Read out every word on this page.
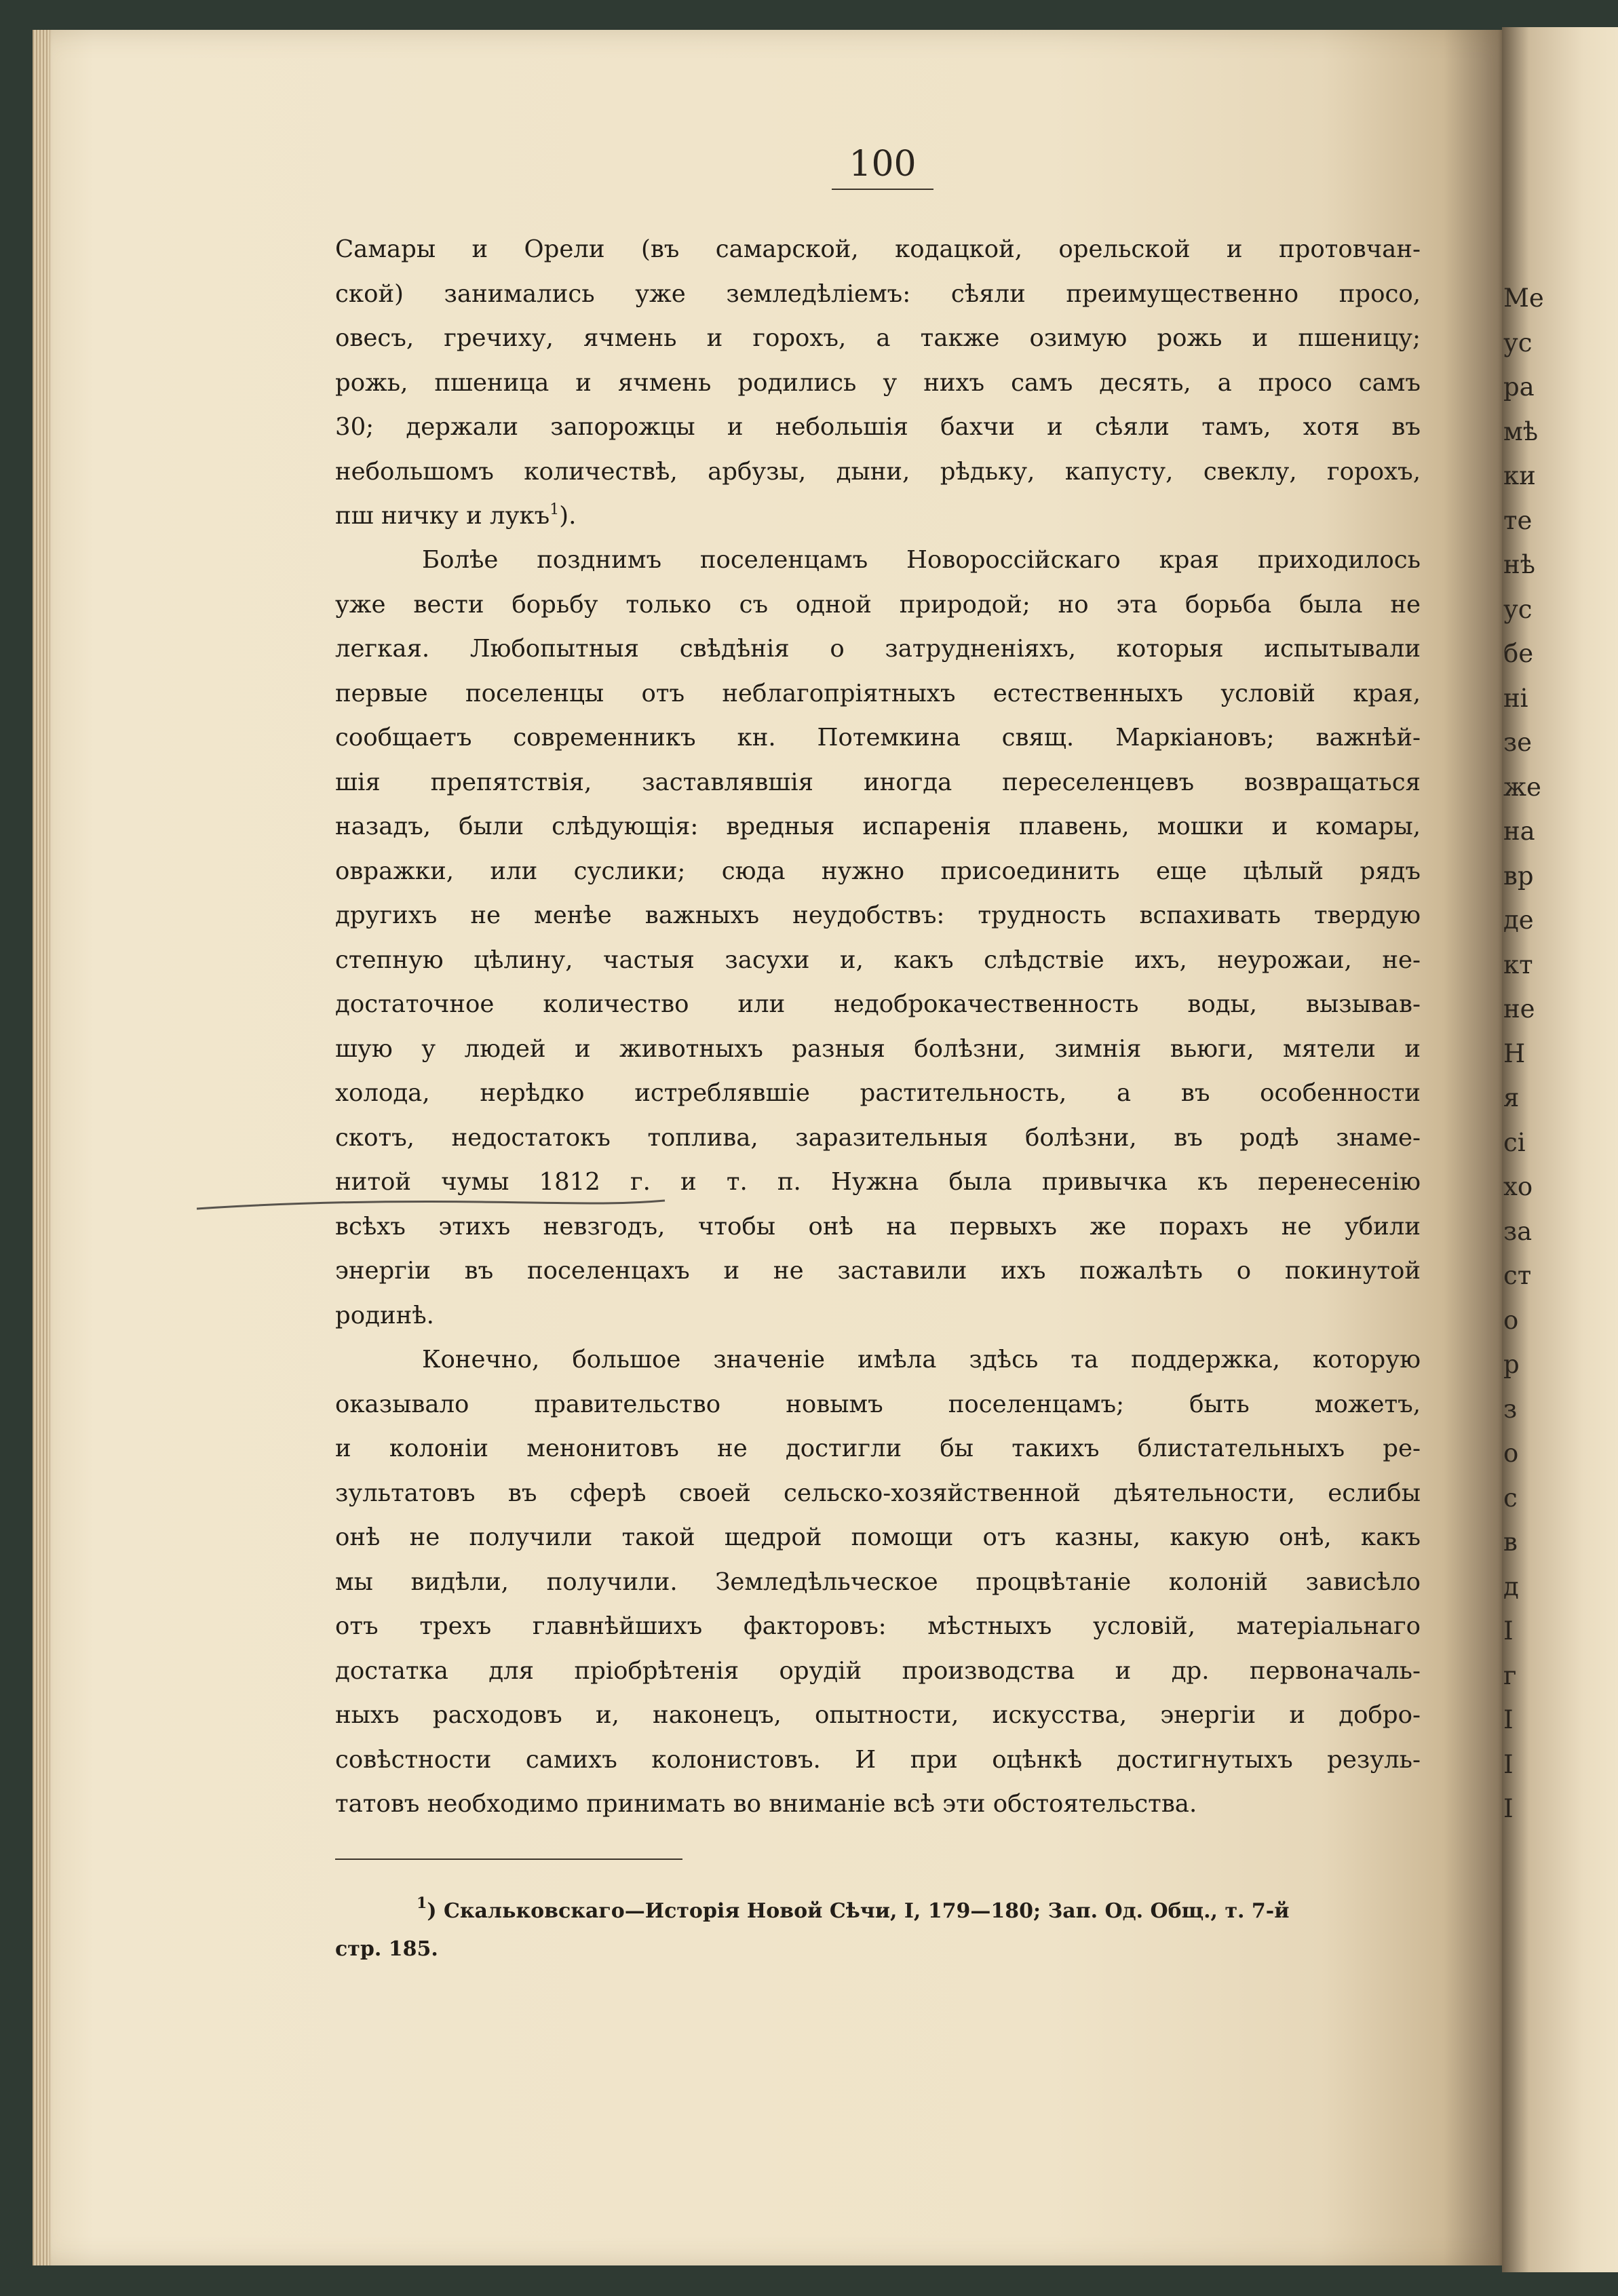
Ме
ус
ра
мѣ
ки
те
нѣ
ус
бе
ні
зе
же
на
вр
де
кт
не
Н
я
сі
хо
за
ст
о
р
з
о
с
в
д
I
г
І
І
І
100
Самары и Орели (въ самарской, кодацкой, орельской и протовчан-
ской) занимались уже земледѣліемъ: сѣяли преимущественно просо,
овесъ, гречиху, ячмень и горохъ, а также озимую рожь и пшеницу;
рожь, пшеница и ячмень родились у нихъ самъ десять, а просо самъ
30; держали запорожцы и небольшія бахчи и сѣяли тамъ, хотя въ
небольшомъ количествѣ, арбузы, дыни, рѣдьку, капусту, свеклу, горохъ,
пш ничку и лукъ$^1$).
Болѣе позднимъ поселенцамъ Новороссійскаго края приходилось
уже вести борьбу только съ одной природой; но эта борьба была не
легкая. Любопытныя свѣдѣнія о затрудненіяхъ, которыя испытывали
первые поселенцы отъ неблагопріятныхъ естественныхъ условій края,
сообщаетъ современникъ кн. Потемкина свящ. Маркіановъ; важнѣй-
шія препятствія, заставлявшія иногда переселенцевъ возвращаться
назадъ, были слѣдующія: вредныя испаренія плавень, мошки и комары,
овражки, или суслики; сюда нужно присоединить еще цѣлый рядъ
другихъ не менѣе важныхъ неудобствъ: трудность вспахивать твердую
степную цѣлину, частыя засухи и, какъ слѣдствіе ихъ, неурожаи, не-
достаточное количество или недоброкачественность воды, вызывав-
шую у людей и животныхъ разныя болѣзни, зимнія вьюги, мятели и
холода, нерѣдко истреблявшіе растительность, а въ особенности
скотъ, недостатокъ топлива, заразительныя болѣзни, въ родѣ знаме-
нитой чумы 1812 г. и т. п. Нужна была привычка къ перенесенію
всѣхъ этихъ невзгодъ, чтобы онѣ на первыхъ же порахъ не убили
энергіи въ поселенцахъ и не заставили ихъ пожалѣть о покинутой
родинѣ.
Конечно, большое значеніе имѣла здѣсь та поддержка, которую
оказывало правительство новымъ поселенцамъ; быть можетъ,
и колоніи менонитовъ не достигли бы такихъ блистательныхъ ре-
зультатовъ въ сферѣ своей сельско-хозяйственной дѣятельности, еслибы
онѣ не получили такой щедрой помощи отъ казны, какую онѣ, какъ
мы видѣли, получили. Земледѣльческое процвѣтаніе колоній зависѣло
отъ трехъ главнѣйшихъ факторовъ: мѣстныхъ условій, матеріальнаго
достатка для пріобрѣтенія орудій производства и др. первоначаль-
ныхъ расходовъ и, наконецъ, опытности, искусства, энергіи и добро-
совѣстности самихъ колонистовъ. И при оцѣнкѣ достигнутыхъ резуль-
татовъ необходимо принимать во вниманіе всѣ эти обстоятельства.
$^1$) Скальковскаго—Исторія Новой Сѣчи, I, 179—180; Зап. Од. Общ., т. 7-й
стр. 185.
